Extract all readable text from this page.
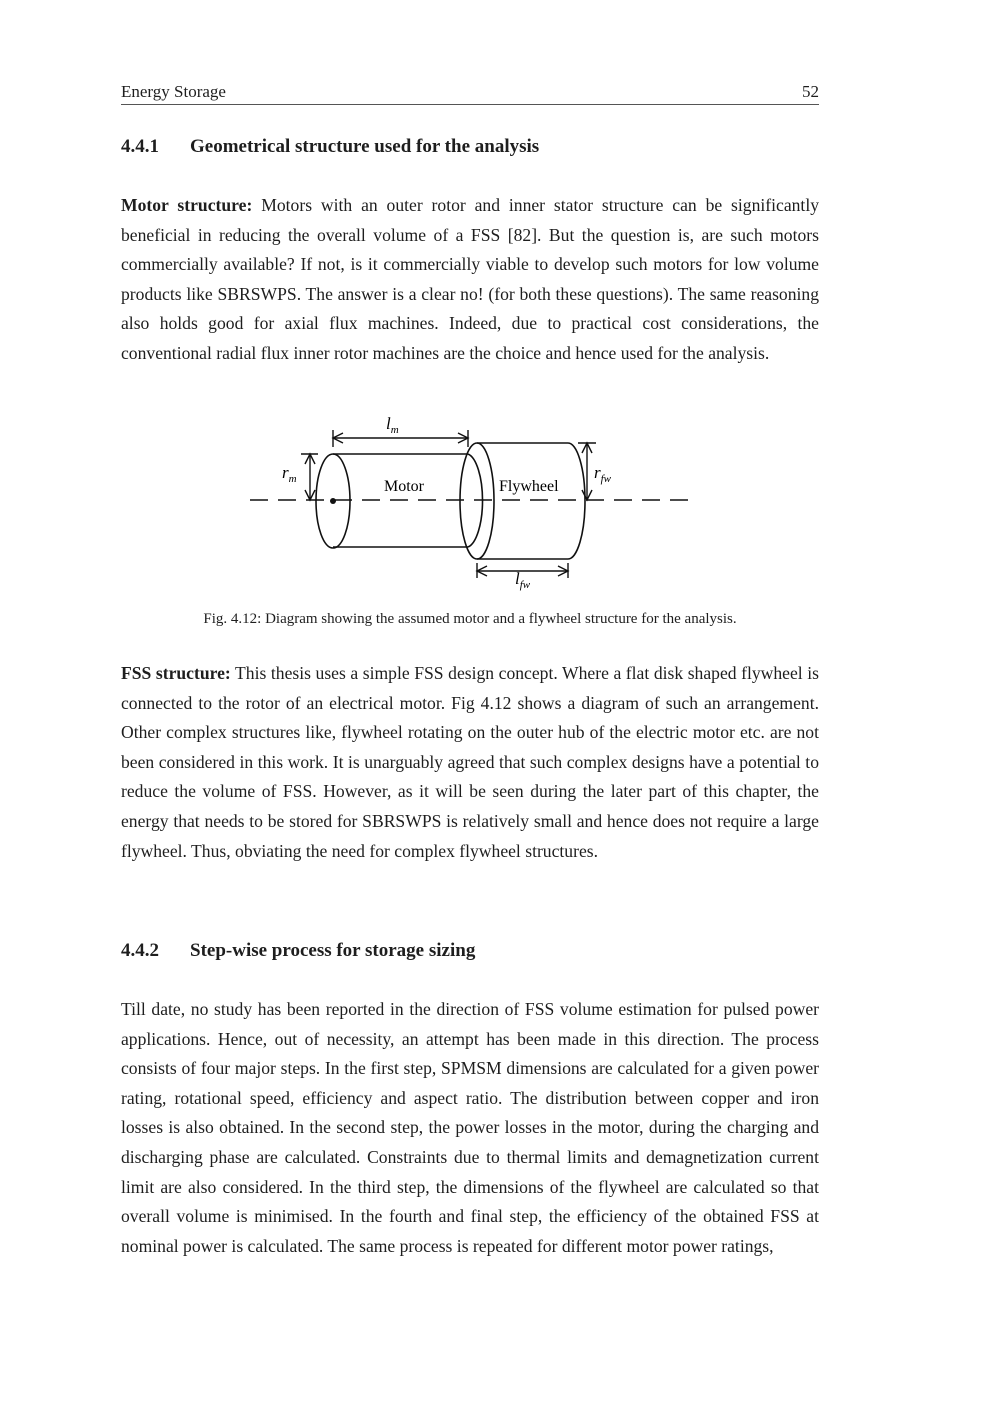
Energy Storage	52
4.4.1 Geometrical structure used for the analysis
Motor structure: Motors with an outer rotor and inner stator structure can be significantly beneficial in reducing the overall volume of a FSS [82]. But the question is, are such motors commercially available? If not, is it commercially viable to develop such motors for low volume products like SBRSWPS. The answer is a clear no! (for both these questions). The same reasoning also holds good for axial flux machines. Indeed, due to practical cost considerations, the conventional radial flux inner rotor machines are the choice and hence used for the analysis.
$l_m$
$r_m$	$r_{fw}$
$l_{fw}$
Motor	Flywheel
Fig. 4.12: Diagram showing the assumed motor and a flywheel structure for the analysis.
FSS structure: This thesis uses a simple FSS design concept. Where a flat disk shaped flywheel is connected to the rotor of an electrical motor. Fig 4.12 shows a diagram of such an arrangement. Other complex structures like, flywheel rotating on the outer hub of the electric motor etc. are not been considered in this work. It is unarguably agreed that such complex designs have a potential to reduce the volume of FSS. However, as it will be seen during the later part of this chapter, the energy that needs to be stored for SBRSWPS is relatively small and hence does not require a large flywheel. Thus, obviating the need for complex flywheel structures.
4.4.2 Step-wise process for storage sizing
Till date, no study has been reported in the direction of FSS volume estimation for pulsed power applications. Hence, out of necessity, an attempt has been made in this direction. The process consists of four major steps. In the first step, SPMSM dimensions are calculated for a given power rating, rotational speed, efficiency and aspect ratio. The distribution between copper and iron losses is also obtained. In the second step, the power losses in the motor, during the charging and discharging phase are calculated. Constraints due to thermal limits and demagnetization current limit are also considered. In the third step, the dimensions of the flywheel are calculated so that overall volume is minimised. In the fourth and final step, the efficiency of the obtained FSS at nominal power is calculated. The same process is repeated for different motor power ratings,
